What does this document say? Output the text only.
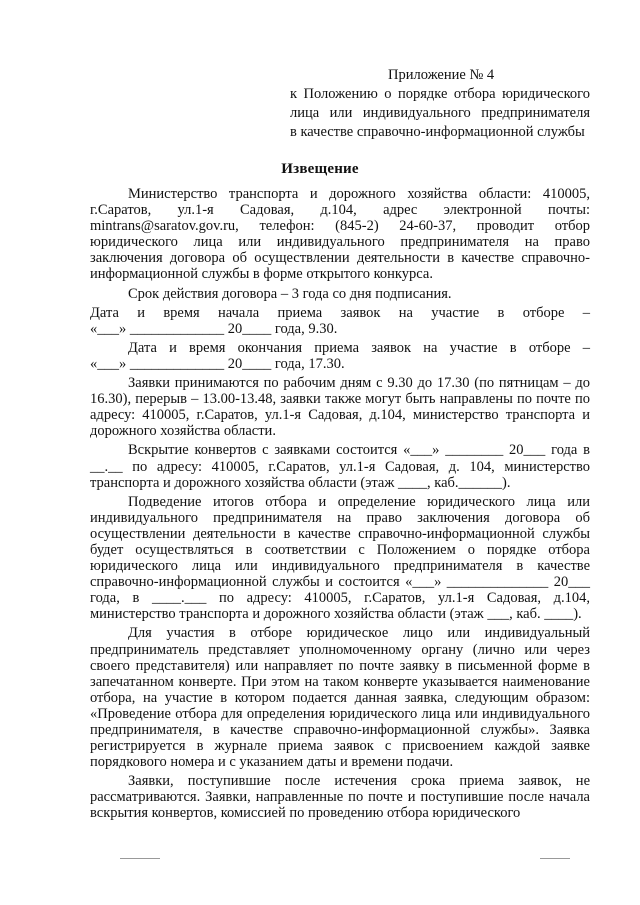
Приложение № 4
к Положению о порядке отбора юридического
лица или индивидуального предпринимателя
в качестве справочно-информационной службы
Извещение

Министерство транспорта и дорожного хозяйства области: 410005, г.Саратов, ул.1-я Садовая, д.104, адрес электронной почты: mintrans@saratov.gov.ru, телефон: (845-2) 24-60-37, проводит отбор юридического лица или индивидуального предпринимателя на право заключения договора об осуществлении деятельности в качестве справочно-информационной службы в форме открытого конкурса.

Срок действия договора – 3 года со дня подписания.

Дата и время начала приема заявок на участие в отборе –
«___» _____________ 20____ года, 9.30.

Дата и время окончания приема заявок на участие в отборе –
«___» _____________ 20____ года, 17.30.

Заявки принимаются по рабочим дням с 9.30 до 17.30 (по пятницам – до 16.30), перерыв – 13.00-13.48, заявки также могут быть направлены по почте по адресу: 410005, г.Саратов, ул.1-я Садовая, д.104, министерство транспорта и дорожного хозяйства области.

Вскрытие конвертов с заявками состоится «___» ________ 20___ года в __.__ по адресу: 410005, г.Саратов, ул.1-я Садовая, д. 104, министерство транспорта и дорожного хозяйства области (этаж ____, каб.______).

Подведение итогов отбора и определение юридического лица или индивидуального предпринимателя на право заключения договора об осуществлении деятельности в качестве справочно-информационной службы будет осуществляться в соответствии с Положением о порядке отбора юридического лица или индивидуального предпринимателя в качестве справочно-информационной службы и состоится «___» ______________ 20___ года, в ____.___ по адресу: 410005, г.Саратов, ул.1-я Садовая, д.104, министерство транспорта и дорожного хозяйства области (этаж ___, каб. ____).

Для участия в отборе юридическое лицо или индивидуальный предприниматель представляет уполномоченному органу (лично или через своего представителя) или направляет по почте заявку в письменной форме в запечатанном конверте. При этом на таком конверте указывается наименование отбора, на участие в котором подается данная заявка, следующим образом: «Проведение отбора для определения юридического лица или индивидуального предпринимателя, в качестве справочно-информационной службы». Заявка регистрируется в журнале приема заявок с присвоением каждой заявке порядкового номера и с указанием даты и времени подачи.

Заявки, поступившие после истечения срока приема заявок, не рассматриваются. Заявки, направленные по почте и поступившие после начала вскрытия конвертов, комиссией по проведению отбора юридического
